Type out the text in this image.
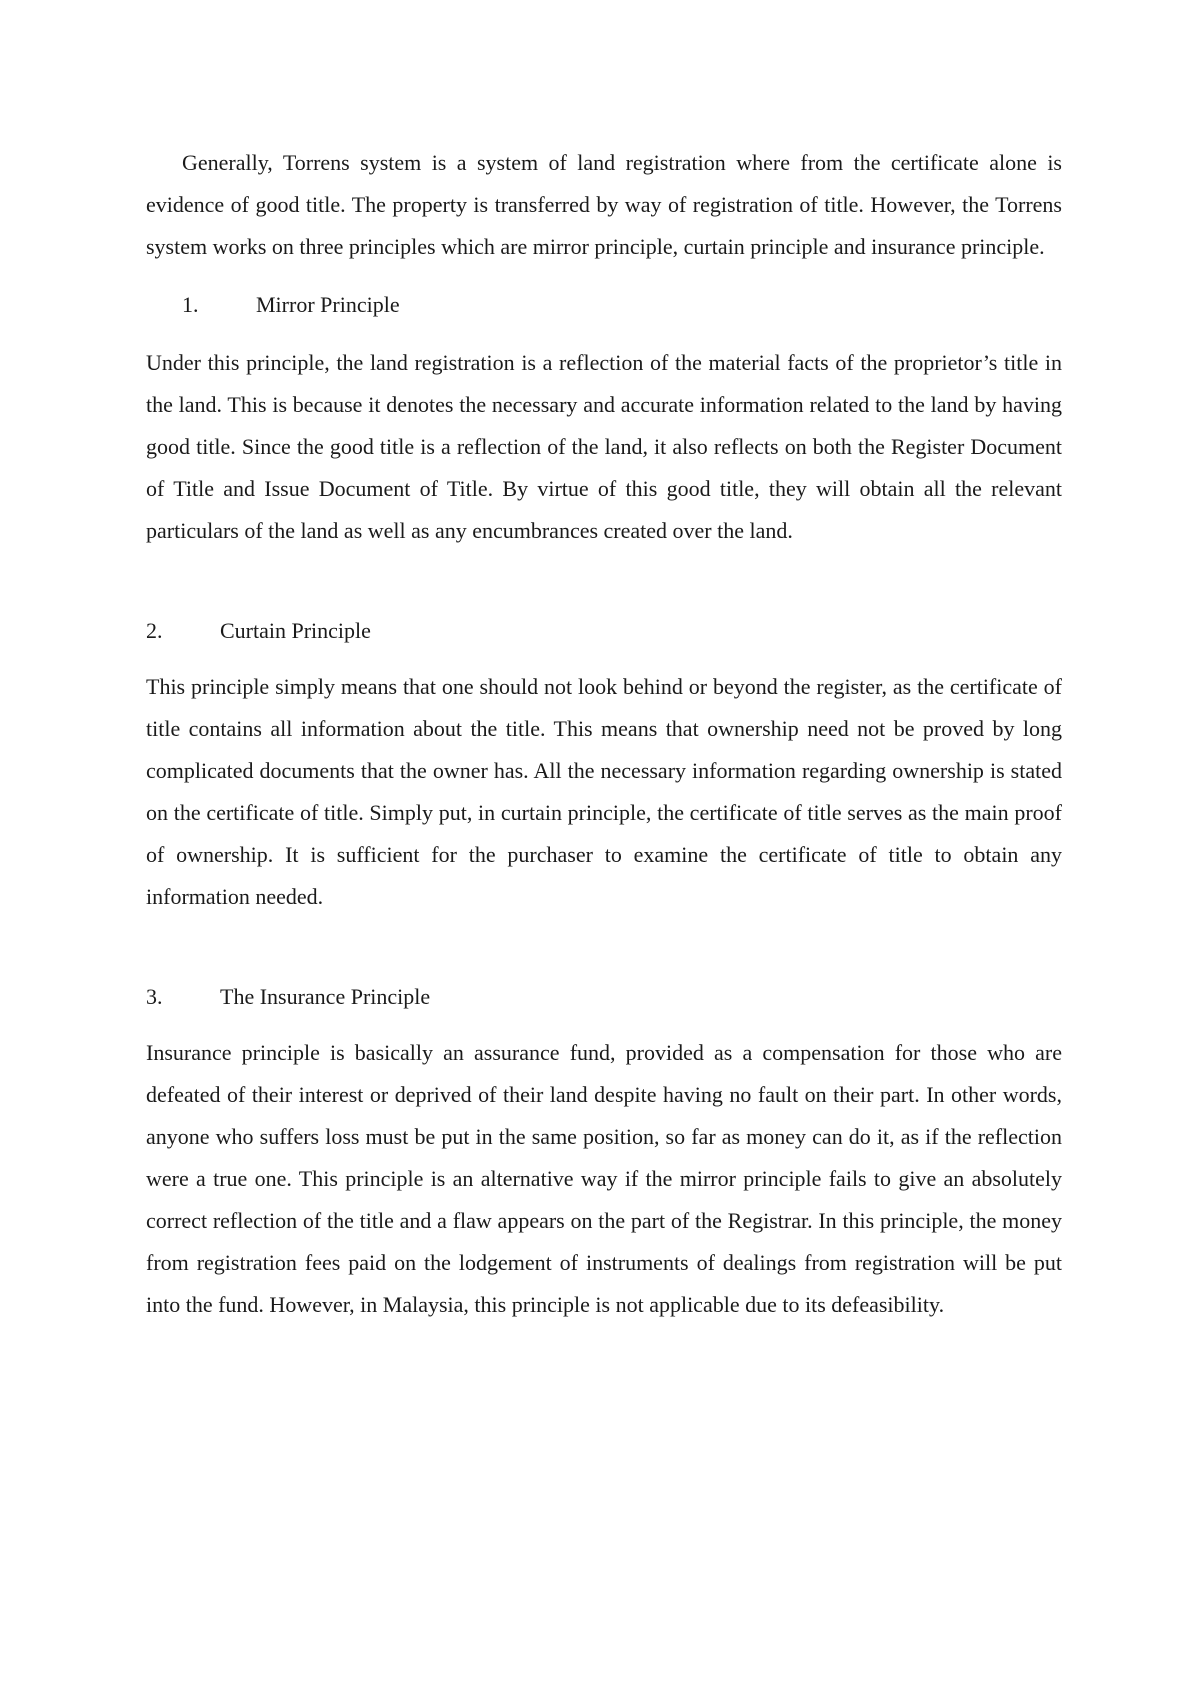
Generally, Torrens system is a system of land registration where from the certificate alone is evidence of good title. The property is transferred by way of registration of title. However, the Torrens system works on three principles which are mirror principle, curtain principle and insurance principle.

1.	Mirror Principle

Under this principle, the land registration is a reflection of the material facts of the proprietor’s title in the land. This is because it denotes the necessary and accurate information related to the land by having good title. Since the good title is a reflection of the land, it also reflects on both the Register Document of Title and Issue Document of Title. By virtue of this good title, they will obtain all the relevant particulars of the land as well as any encumbrances created over the land.

2.	Curtain Principle

This principle simply means that one should not look behind or beyond the register, as the certificate of title contains all information about the title. This means that ownership need not be proved by long complicated documents that the owner has. All the necessary information regarding ownership is stated on the certificate of title. Simply put, in curtain principle, the certificate of title serves as the main proof of ownership. It is sufficient for the purchaser to examine the certificate of title to obtain any information needed.

3.	The Insurance Principle

Insurance principle is basically an assurance fund, provided as a compensation for those who are defeated of their interest or deprived of their land despite having no fault on their part. In other words, anyone who suffers loss must be put in the same position, so far as money can do it, as if the reflection were a true one. This principle is an alternative way if the mirror principle fails to give an absolutely correct reflection of the title and a flaw appears on the part of the Registrar. In this principle, the money from registration fees paid on the lodgement of instruments of dealings from registration will be put into the fund. However, in Malaysia, this principle is not applicable due to its defeasibility.
